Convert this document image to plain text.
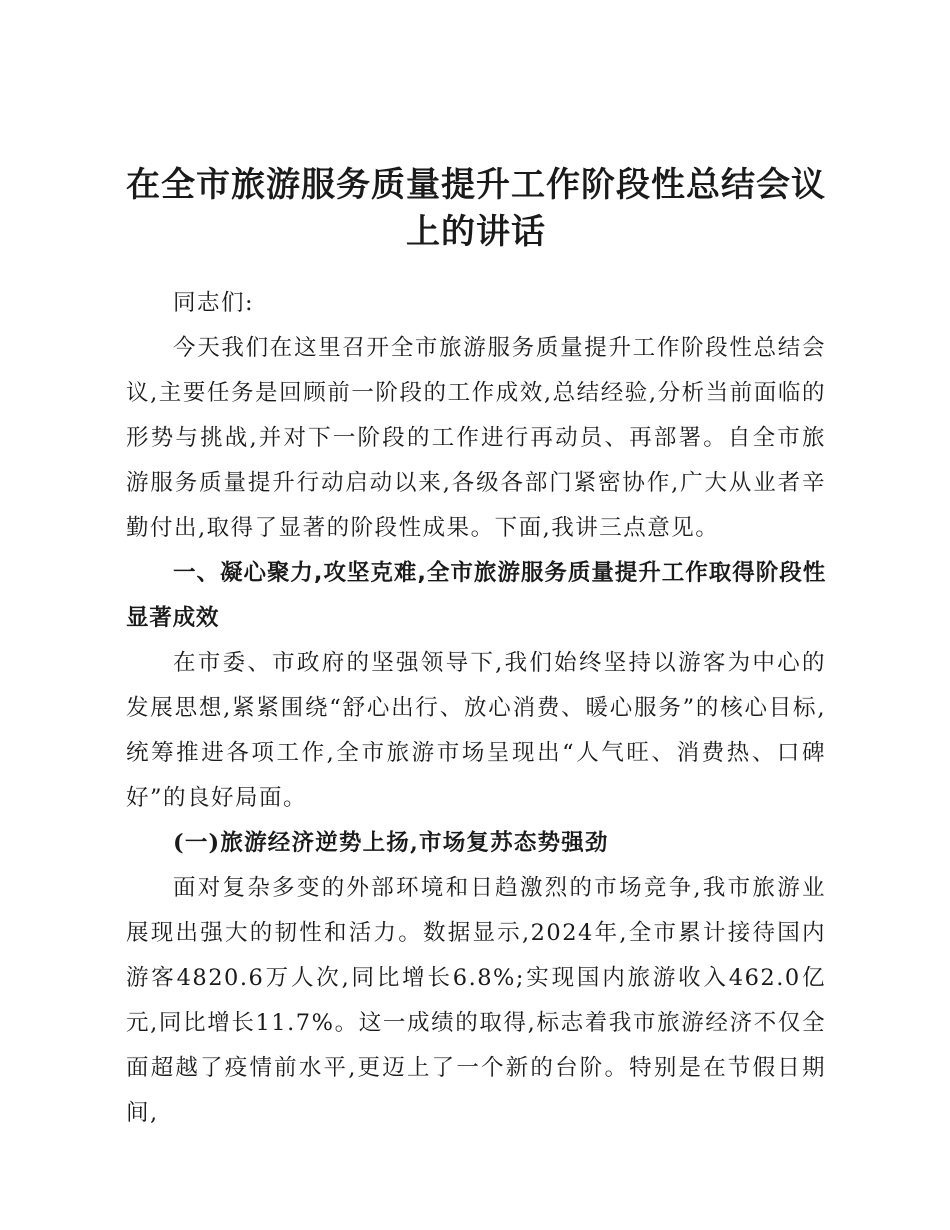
在全市旅游服务质量提升工作阶段性总结会议
上的讲话

同志们:

今天我们在这里召开全市旅游服务质量提升工作阶段性总结会议,主要任务是回顾前一阶段的工作成效,总结经验,分析当前面临的形势与挑战,并对下一阶段的工作进行再动员、再部署。自全市旅游服务质量提升行动启动以来,各级各部门紧密协作,广大从业者辛勤付出,取得了显著的阶段性成果。下面,我讲三点意见。

一、凝心聚力,攻坚克难,全市旅游服务质量提升工作取得阶段性显著成效

在市委、市政府的坚强领导下,我们始终坚持以游客为中心的发展思想,紧紧围绕“舒心出行、放心消费、暖心服务”的核心目标,统筹推进各项工作,全市旅游市场呈现出“人气旺、消费热、口碑好”的良好局面。

(一)旅游经济逆势上扬,市场复苏态势强劲

面对复杂多变的外部环境和日趋激烈的市场竞争,我市旅游业展现出强大的韧性和活力。数据显示,2024年,全市累计接待国内游客4820.6万人次,同比增长6.8%;实现国内旅游收入462.0亿元,同比增长11.7%。这一成绩的取得,标志着我市旅游经济不仅全面超越了疫情前水平,更迈上了一个新的台阶。特别是在节假日期间,
